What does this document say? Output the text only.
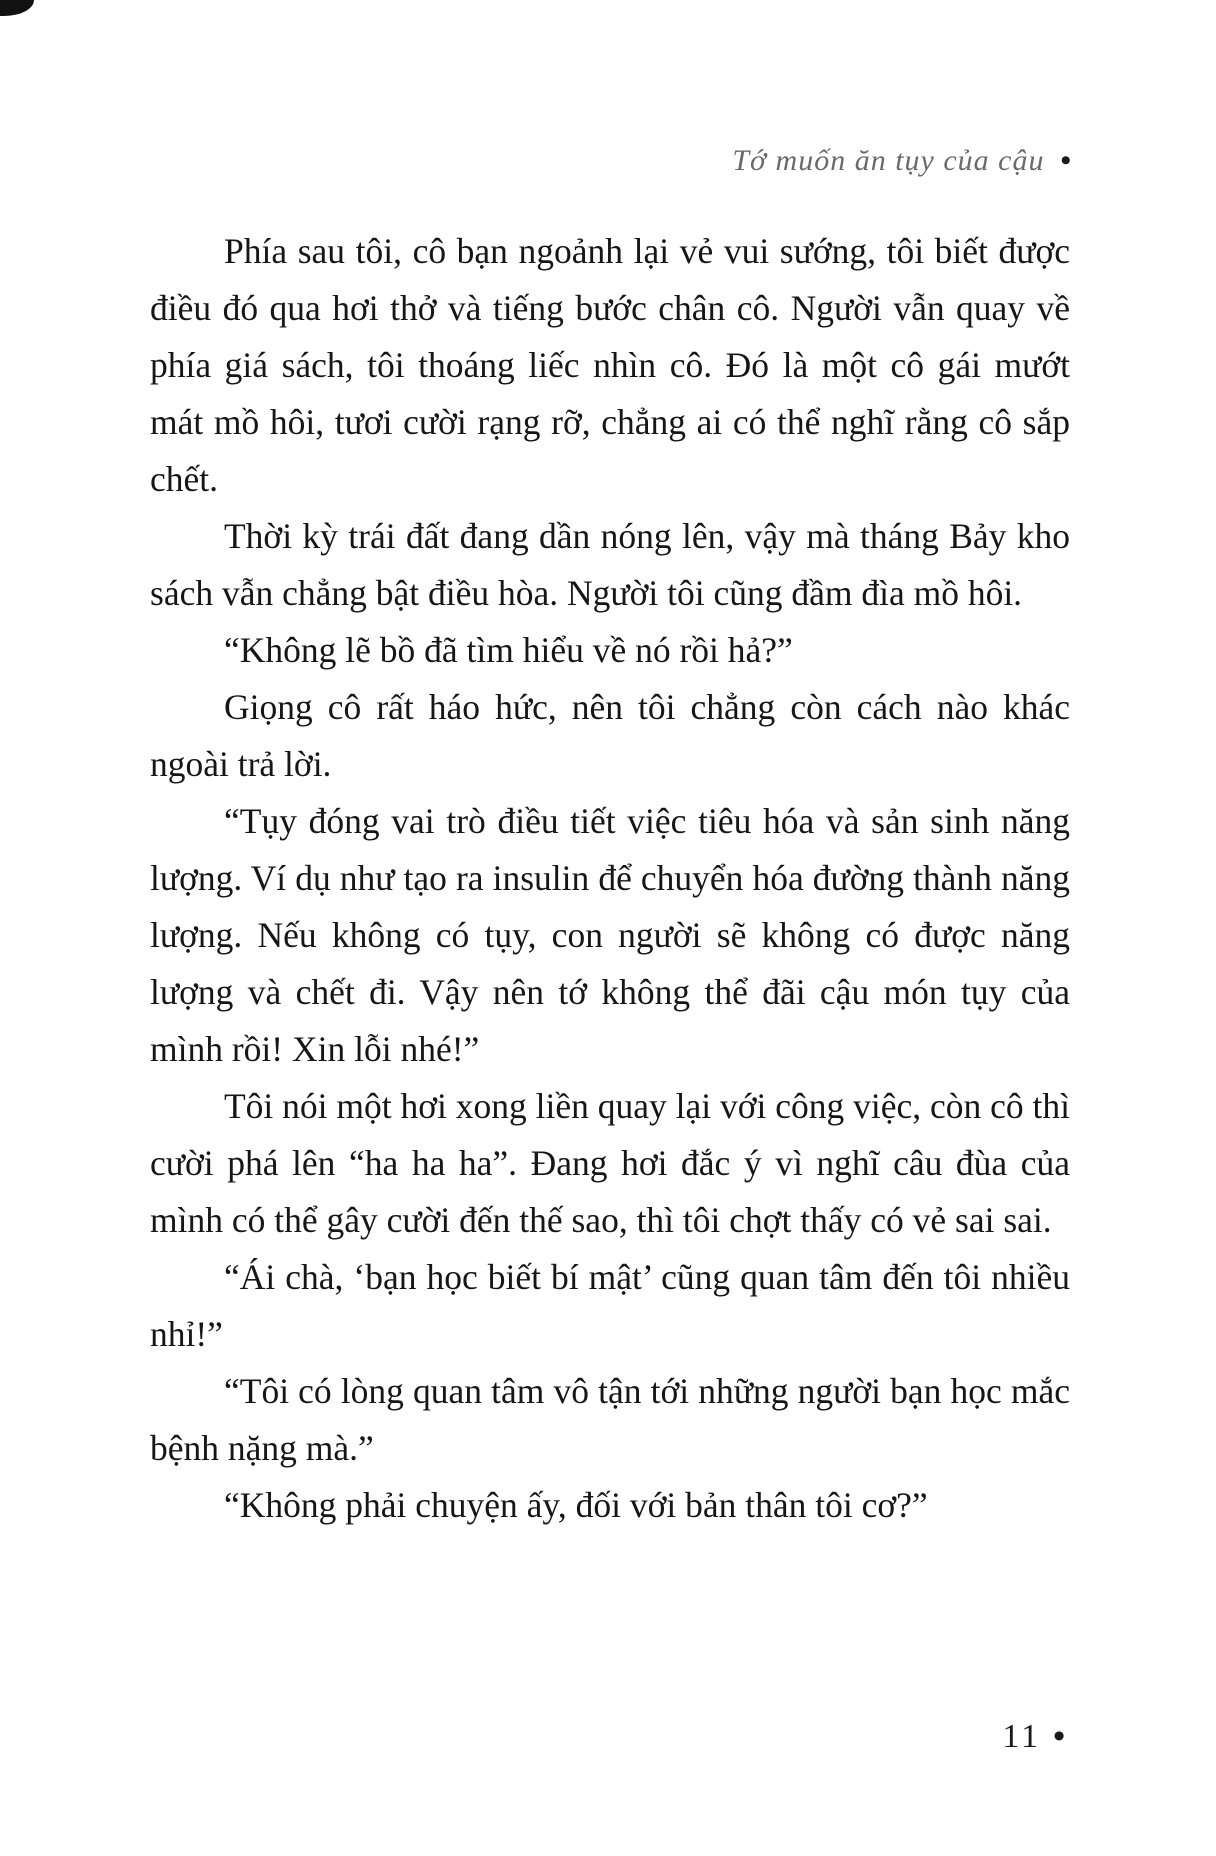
Tớ muốn ăn tụy của cậu •

Phía sau tôi, cô bạn ngoảnh lại vẻ vui sướng, tôi biết được điều đó qua hơi thở và tiếng bước chân cô. Người vẫn quay về phía giá sách, tôi thoáng liếc nhìn cô. Đó là một cô gái mướt mát mồ hôi, tươi cười rạng rỡ, chẳng ai có thể nghĩ rằng cô sắp chết.

Thời kỳ trái đất đang dần nóng lên, vậy mà tháng Bảy kho sách vẫn chẳng bật điều hòa. Người tôi cũng đầm đìa mồ hôi.

“Không lẽ bồ đã tìm hiểu về nó rồi hả?”

Giọng cô rất háo hức, nên tôi chẳng còn cách nào khác ngoài trả lời.

“Tụy đóng vai trò điều tiết việc tiêu hóa và sản sinh năng lượng. Ví dụ như tạo ra insulin để chuyển hóa đường thành năng lượng. Nếu không có tụy, con người sẽ không có được năng lượng và chết đi. Vậy nên tớ không thể đãi cậu món tụy của mình rồi! Xin lỗi nhé!”

Tôi nói một hơi xong liền quay lại với công việc, còn cô thì cười phá lên “ha ha ha”. Đang hơi đắc ý vì nghĩ câu đùa của mình có thể gây cười đến thế sao, thì tôi chợt thấy có vẻ sai sai.

“Ái chà, ‘bạn học biết bí mật’ cũng quan tâm đến tôi nhiều nhỉ!”

“Tôi có lòng quan tâm vô tận tới những người bạn học mắc bệnh nặng mà.”

“Không phải chuyện ấy, đối với bản thân tôi cơ?”

11 •
